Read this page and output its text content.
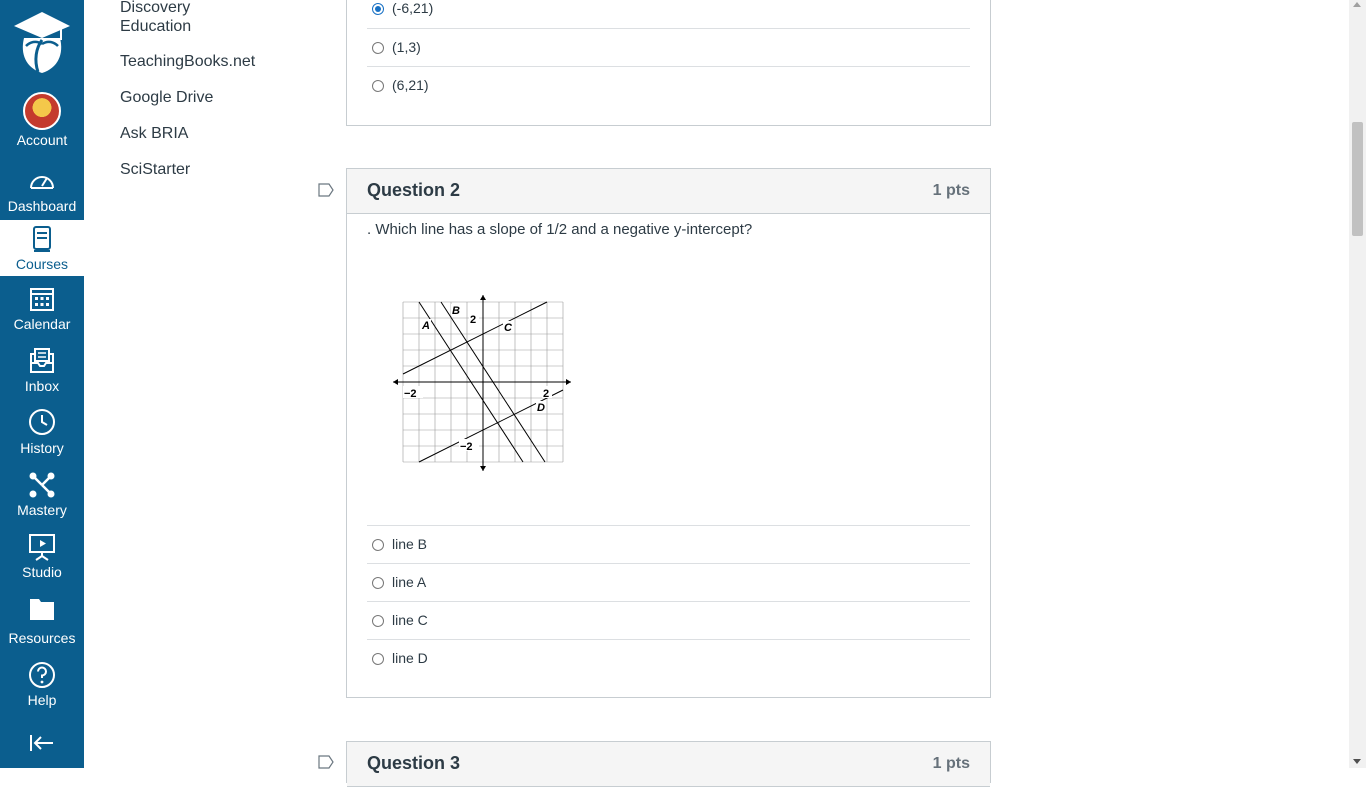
Account
Dashboard
Courses
Calendar
Inbox
History
Mastery
Studio
Resources
Help
Discovery
Education
TeachingBooks.net
Google Drive
Ask BRIA
SciStarter
(-6,21)
(1,3)
(6,21)
Question 2	1 pts
. Which line has a slope of 1/2 and a negative y-intercept?
A
B
C
D
2
−2	2
−2
line B
line A
line C
line D
Question 3	1 pts
